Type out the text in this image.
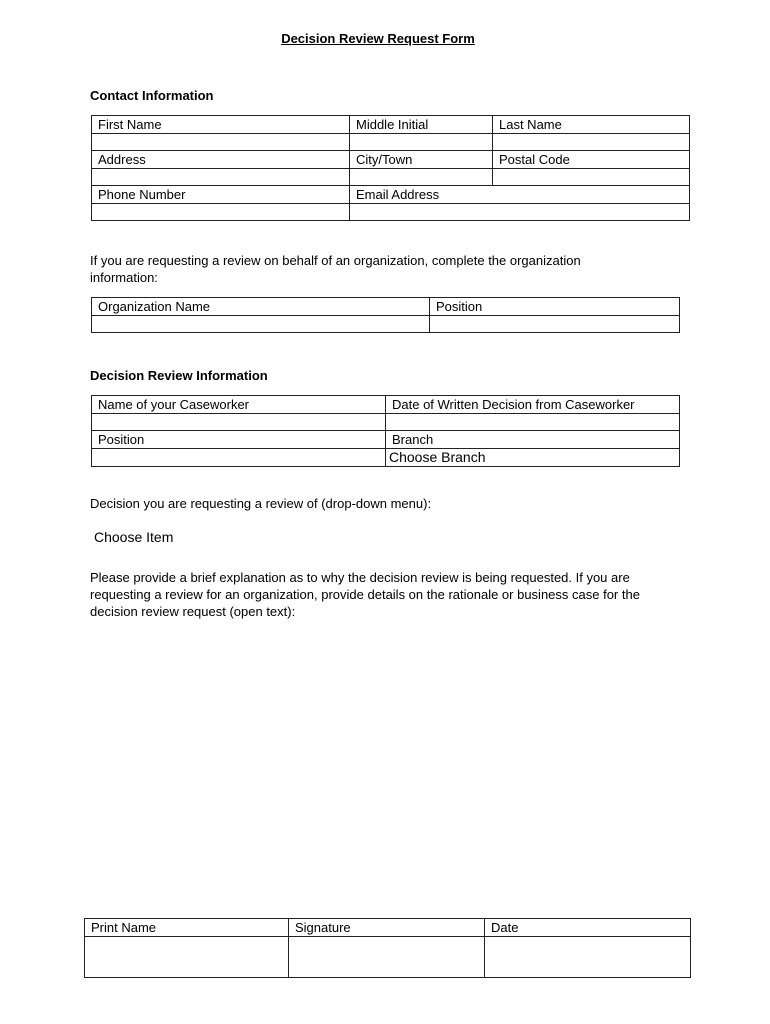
Decision Review Request Form
Contact Information
First Name	Middle Initial	Last Name

Address	City/Town	Postal Code

Phone Number	Email Address	

If you are requesting a review on behalf of an organization, complete the organization information:
Organization Name	Position

Decision Review Information
Name of your Caseworker	Date of Written Decision from Caseworker

Position	Branch

	Choose Branch
Decision you are requesting a review of (drop-down menu):
Choose Item
Please provide a brief explanation as to why the decision review is being requested. If you are requesting a review for an organization, provide details on the rationale or business case for the decision review request (open text):
Print Name	Signature	Date
